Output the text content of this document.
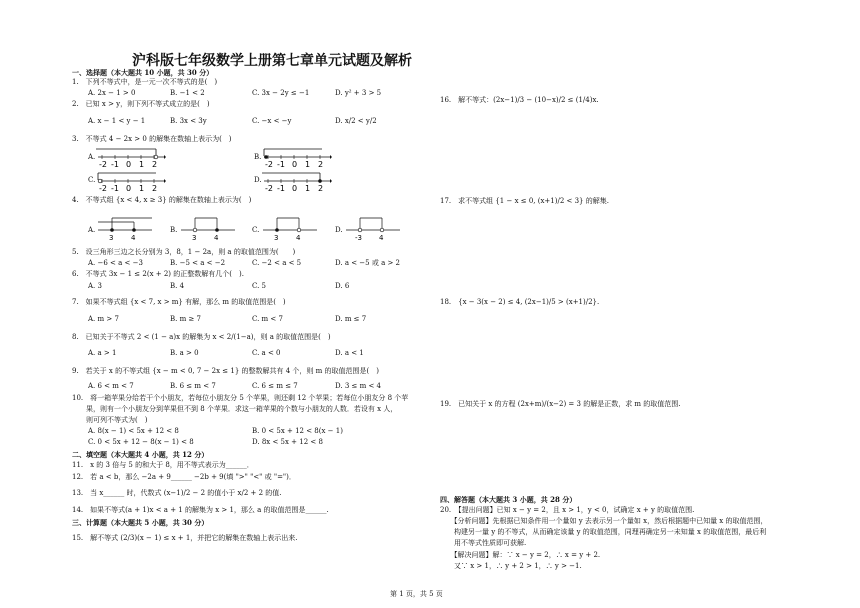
沪科版七年级数学上册第七章单元试题及解析
一、选择题（本大题共 10 小题，共 30 分）
1.　下列不等式中，是一元一次不等式的是(　)
A. 2x − 1 > 0	B. −1 < 2	C. 3x − 2y ≤ −1	D. y² + 3 > 5
2.　已知 x > y，则下列不等式成立的是(　)
A. x − 1 < y − 1	B. 3x < 3y	C. −x < −y	D. x/2 < y/2
3.　不等式 4 − 2x > 0 的解集在数轴上表示为(　)
A.	B.
C.	D.
-2 -1 0 1 2	-2 -1 0 1 2
-2 -1 0 1 2	-2 -1 0 1 2
4.　不等式组 {x < 4, x ≥ 3} 的解集在数轴上表示为(　)
A.	B.	C.	D.
3	4	3	4	3	4	-3 4
5.　设三角形三边之长分别为 3，8，1 − 2a，则 a 的取值范围为(　　)
A. −6 < a < −3	B. −5 < a < −2	C. −2 < a < 5	D. a < −5 或 a > 2
6.　不等式 3x − 1 ≤ 2(x + 2) 的正整数解有几个(　).
A. 3	B. 4	C. 5	D. 6
7.　如果不等式组 {x < 7, x > m} 有解，那么 m 的取值范围是(　)
A. m > 7	B. m ≥ 7	C. m < 7	D. m ≤ 7
8.　已知关于不等式 2 < (1 − a)x 的解集为 x < 2/(1−a)，则 a 的取值范围是(　)
A. a > 1	B. a > 0	C. a < 0	D. a < 1
9.　若关于 x 的不等式组 {x − m < 0, 7 − 2x ≤ 1} 的整数解共有 4 个，则 m 的取值范围是(　)
A. 6 < m < 7	B. 6 ≤ m < 7	C. 6 ≤ m ≤ 7	D. 3 ≤ m < 4
10.　将一箱苹果分给若干个小朋友，若每位小朋友分 5 个苹果，则还剩 12 个苹果；若每位小朋友分 8 个苹
　　果，则有一个小朋友分到苹果但不到 8 个苹果．求这一箱苹果的个数与小朋友的人数．若设有 x 人，
　　则可列不等式为(　)
A. 8(x − 1) < 5x + 12 < 8	B. 0 < 5x + 12 < 8(x − 1)
C. 0 < 5x + 12 − 8(x − 1) < 8	D. 8x < 5x + 12 < 8
二、填空题（本大题共 4 小题，共 12 分）
11.　x 的 3 倍与 5 的和大于 8，用不等式表示为______．
12.　若 a < b，那么 −2a + 9______ −2b + 9(填 ">" "<" 或 "=")．
13.　当 x______ 时，代数式 (x−1)/2 − 2 的值小于 x/2 + 2 的值.
14.　如果不等式(a + 1)x < a + 1 的解集为 x > 1，那么 a 的取值范围是______.
三、计算题（本大题共 5 小题，共 30 分）
15.　解不等式 (2/3)(x − 1) ≤ x + 1，并把它的解集在数轴上表示出来.
16.　解不等式：(2x−1)/3 − (10−x)/2 ≤ (1/4)x.
17.　求不等式组 {1 − x ≤ 0, (x+1)/2 < 3} 的解集.
18.　{x − 3(x − 2) ≤ 4, (2x−1)/5 > (x+1)/2}.
19.　已知关于 x 的方程 (2x+m)/(x−2) = 3 的解是正数，求 m 的取值范围.
四、解答题（本大题共 3 小题，共 28 分）
20.　【提出问题】已知 x − y = 2，且 x > 1，y < 0，试确定 x + y 的取值范围.
　　【分析问题】先根据已知条件用一个量如 y 去表示另一个量如 x，然后根据题中已知量 x 的取值范围，
　　构建另一量 y 的不等式，从而确定该量 y 的取值范围，同理再确定另一未知量 x 的取值范围，最后利
　　用不等式性质即可获解.
　　【解决问题】解：∵ x − y = 2，∴ x = y + 2.
　　又∵ x > 1，∴ y + 2 > 1，∴ y > −1.
第 1 页，共 5 页
